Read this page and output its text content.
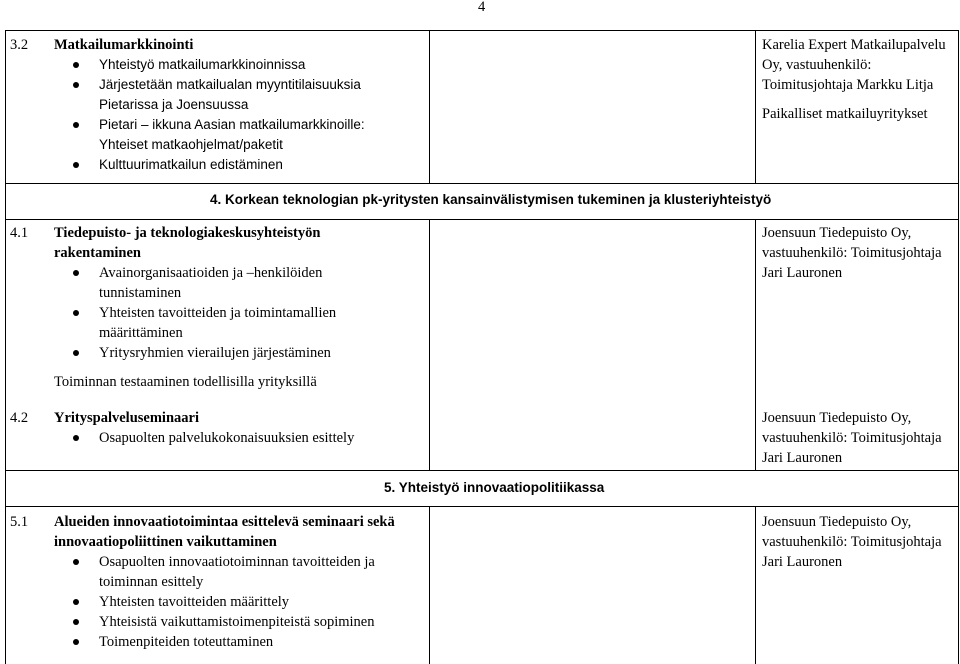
4
3.2 Matkailumarkkinointi
Yhteistyö matkailumarkkinoinnissa
Järjestetään matkailualan myyntitilaisuuksia
Pietarissa ja Joensuussa
Pietari – ikkuna Aasian matkailumarkkinoille:
Yhteiset matkaohjelmat/paketit
Kulttuurimatkailun edistäminen
Karelia Expert Matkailupalvelu
Oy, vastuuhenkilö:
Toimitusjohtaja Markku Litja
Paikalliset matkailuyritykset
4. Korkean teknologian pk-yritysten kansainvälistymisen tukeminen ja klusteriyhteistyö
4.1 Tiedepuisto- ja teknologiakeskusyhteistyön
rakentaminen
Avainorganisaatioiden ja –henkilöiden
tunnistaminen
Yhteisten tavoitteiden ja toimintamallien
määrittäminen
Yritysryhmien vierailujen järjestäminen
Toiminnan testaaminen todellisilla yrityksillä
Joensuun Tiedepuisto Oy,
vastuuhenkilö: Toimitusjohtaja
Jari Lauronen
4.2 Yrityspalveluseminaari
Osapuolten palvelukokonaisuuksien esittely
Joensuun Tiedepuisto Oy,
vastuuhenkilö: Toimitusjohtaja
Jari Lauronen
5. Yhteistyö innovaatiopolitiikassa
5.1 Alueiden innovaatiotoimintaa esittelevä seminaari sekä
innovaatiopoliittinen vaikuttaminen
Osapuolten innovaatiotoiminnan tavoitteiden ja
toiminnan esittely
Yhteisten tavoitteiden määrittely
Yhteisistä vaikuttamistoimenpiteistä sopiminen
Toimenpiteiden toteuttaminen
Joensuun Tiedepuisto Oy,
vastuuhenkilö: Toimitusjohtaja
Jari Lauronen
